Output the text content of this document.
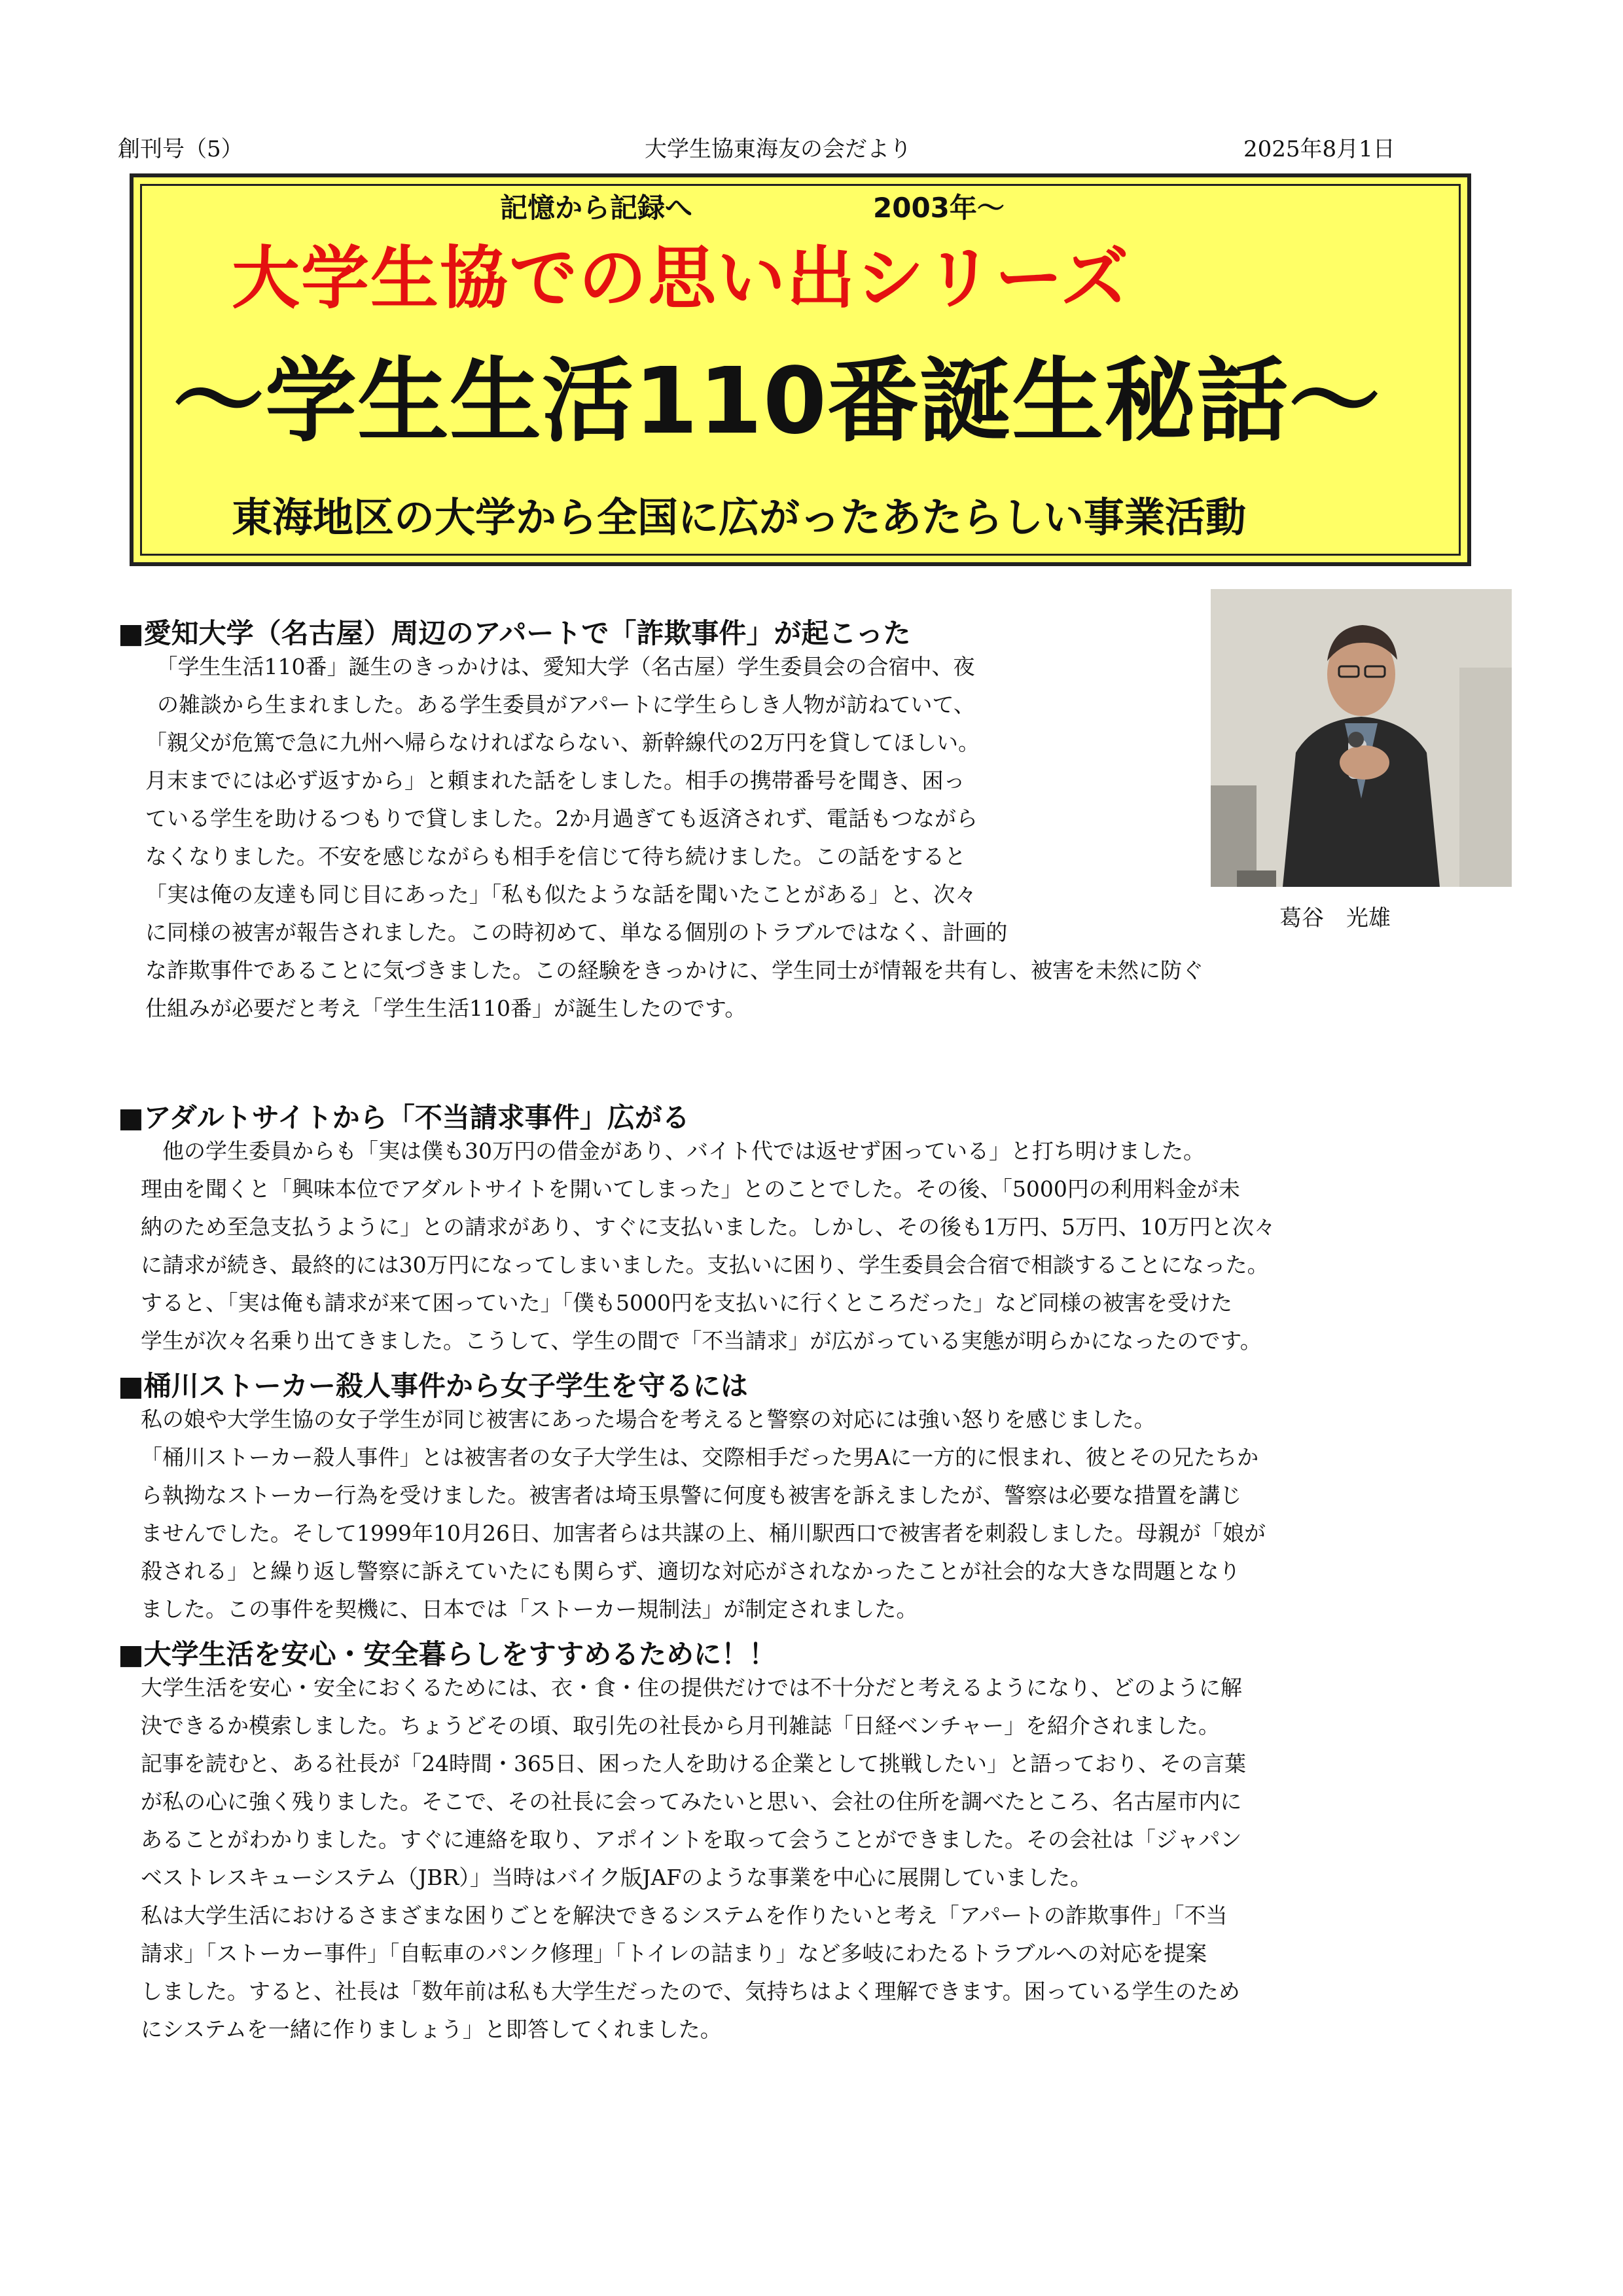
創刊号（5）	大学生協東海友の会だより	2025年8月1日
記憶から記録へ	2003年～
大学生協での思い出シリーズ
～学生生活110番誕生秘話～
東海地区の大学から全国に広がったあたらしい事業活動
葛谷　光雄
■愛知大学（名古屋）周辺のアパートで「詐欺事件」が起こった
　「学生生活110番」誕生のきっかけは、愛知大学（名古屋）学生委員会の合宿中、夜
の雑談から生まれました。ある学生委員がアパートに学生らしき人物が訪ねていて、
「親父が危篤で急に九州へ帰らなければならない、新幹線代の2万円を貸してほしい。
月末までには必ず返すから」と頼まれた話をしました。相手の携帯番号を聞き、困っ
ている学生を助けるつもりで貸しました。2か月過ぎても返済されず、電話もつながら
なくなりました。不安を感じながらも相手を信じて待ち続けました。この話をすると
「実は俺の友達も同じ目にあった」「私も似たような話を聞いたことがある」と、次々
に同様の被害が報告されました。この時初めて、単なる個別のトラブルではなく、計画的
な詐欺事件であることに気づきました。この経験をきっかけに、学生同士が情報を共有し、被害を未然に防ぐ
仕組みが必要だと考え「学生生活110番」が誕生したのです。
■アダルトサイトから「不当請求事件」広がる
　他の学生委員からも「実は僕も30万円の借金があり、バイト代では返せず困っている」と打ち明けました。
理由を聞くと「興味本位でアダルトサイトを開いてしまった」とのことでした。その後、「5000円の利用料金が未
納のため至急支払うように」との請求があり、すぐに支払いました。しかし、その後も1万円、5万円、10万円と次々
に請求が続き、最終的には30万円になってしまいました。支払いに困り、学生委員会合宿で相談することになった。
すると、「実は俺も請求が来て困っていた」「僕も5000円を支払いに行くところだった」など同様の被害を受けた
学生が次々名乗り出てきました。こうして、学生の間で「不当請求」が広がっている実態が明らかになったのです。
■桶川ストーカー殺人事件から女子学生を守るには
私の娘や大学生協の女子学生が同じ被害にあった場合を考えると警察の対応には強い怒りを感じました。
「桶川ストーカー殺人事件」とは被害者の女子大学生は、交際相手だった男Aに一方的に恨まれ、彼とその兄たちか
ら執拗なストーカー行為を受けました。被害者は埼玉県警に何度も被害を訴えましたが、警察は必要な措置を講じ
ませんでした。そして1999年10月26日、加害者らは共謀の上、桶川駅西口で被害者を刺殺しました。母親が「娘が
殺される」と繰り返し警察に訴えていたにも関らず、適切な対応がされなかったことが社会的な大きな問題となり
ました。この事件を契機に、日本では「ストーカー規制法」が制定されました。
■大学生活を安心・安全暮らしをすすめるために！！
大学生活を安心・安全におくるためには、衣・食・住の提供だけでは不十分だと考えるようになり、どのように解
決できるか模索しました。ちょうどその頃、取引先の社長から月刊雑誌「日経ベンチャー」を紹介されました。
記事を読むと、ある社長が「24時間・365日、困った人を助ける企業として挑戦したい」と語っており、その言葉
が私の心に強く残りました。そこで、その社長に会ってみたいと思い、会社の住所を調べたところ、名古屋市内に
あることがわかりました。すぐに連絡を取り、アポイントを取って会うことができました。その会社は「ジャパン
ベストレスキューシステム（JBR）」当時はバイク版JAFのような事業を中心に展開していました。
私は大学生活におけるさまざまな困りごとを解決できるシステムを作りたいと考え「アパートの詐欺事件」「不当
請求」「ストーカー事件」「自転車のパンク修理」「トイレの詰まり」など多岐にわたるトラブルへの対応を提案
しました。すると、社長は「数年前は私も大学生だったので、気持ちはよく理解できます。困っている学生のため
にシステムを一緒に作りましょう」と即答してくれました。
